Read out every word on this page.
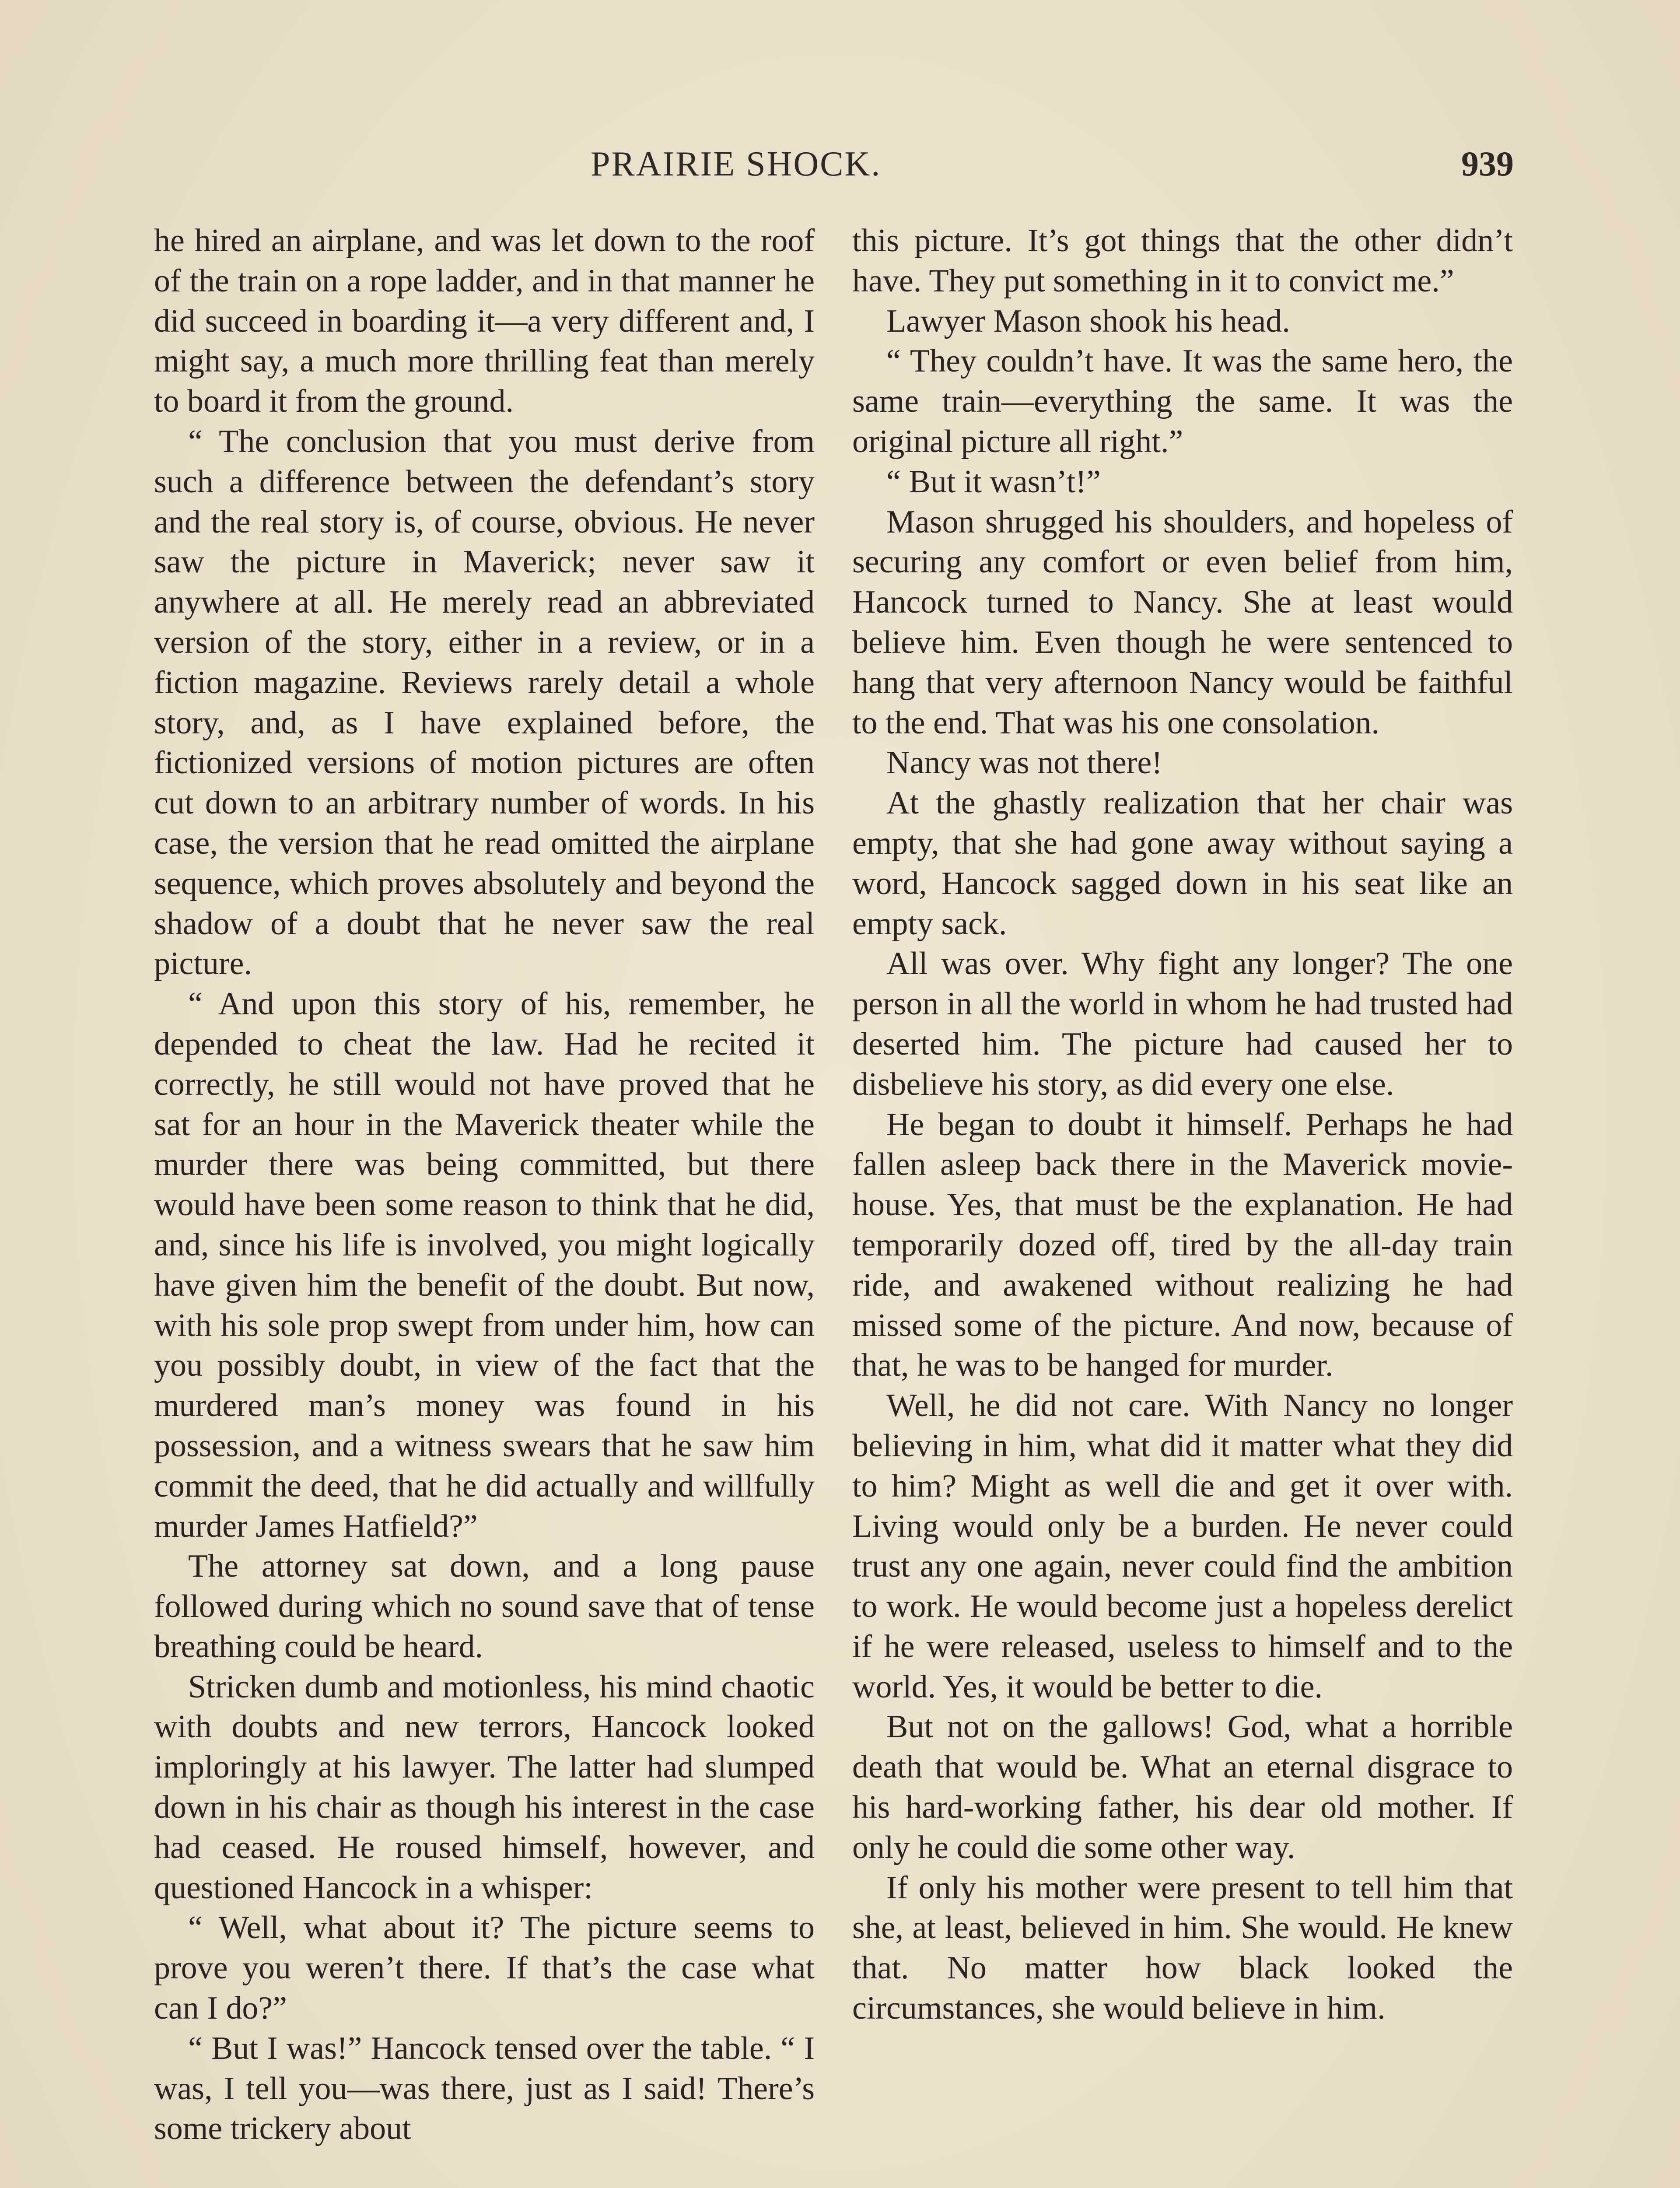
PRAIRIE SHOCK.	939

he hired an airplane, and was let down to the roof of the train on a rope ladder, and in that manner he did succeed in boarding it—a very different and, I might say, a much more thrilling feat than merely to board it from the ground.

“ The conclusion that you must derive from such a difference between the defendant’s story and the real story is, of course, obvious. He never saw the picture in Maverick; never saw it anywhere at all. He merely read an abbreviated version of the story, either in a review, or in a fiction magazine. Reviews rarely detail a whole story, and, as I have explained before, the fictionized versions of motion pictures are often cut down to an arbitrary number of words. In his case, the version that he read omitted the airplane sequence, which proves absolutely and beyond the shadow of a doubt that he never saw the real picture.

“ And upon this story of his, remember, he depended to cheat the law. Had he recited it correctly, he still would not have proved that he sat for an hour in the Maverick theater while the murder there was being committed, but there would have been some reason to think that he did, and, since his life is involved, you might logically have given him the benefit of the doubt. But now, with his sole prop swept from under him, how can you possibly doubt, in view of the fact that the murdered man’s money was found in his possession, and a witness swears that he saw him commit the deed, that he did actually and willfully murder James Hatfield?”

The attorney sat down, and a long pause followed during which no sound save that of tense breathing could be heard.

Stricken dumb and motionless, his mind chaotic with doubts and new terrors, Hancock looked imploringly at his lawyer. The latter had slumped down in his chair as though his interest in the case had ceased. He roused himself, however, and questioned Hancock in a whisper:

“ Well, what about it? The picture seems to prove you weren’t there. If that’s the case what can I do?”

“ But I was!” Hancock tensed over the table. “ I was, I tell you—was there, just as I said! There’s some trickery about

this picture. It’s got things that the other didn’t have. They put something in it to convict me.”

Lawyer Mason shook his head.

“ They couldn’t have. It was the same hero, the same train—everything the same. It was the original picture all right.”

“ But it wasn’t!”

Mason shrugged his shoulders, and hopeless of securing any comfort or even belief from him, Hancock turned to Nancy. She at least would believe him. Even though he were sentenced to hang that very afternoon Nancy would be faithful to the end. That was his one consolation.

Nancy was not there!

At the ghastly realization that her chair was empty, that she had gone away without saying a word, Hancock sagged down in his seat like an empty sack.

All was over. Why fight any longer? The one person in all the world in whom he had trusted had deserted him. The picture had caused her to disbelieve his story, as did every one else.

He began to doubt it himself. Perhaps he had fallen asleep back there in the Maverick movie-house. Yes, that must be the explanation. He had temporarily dozed off, tired by the all-day train ride, and awakened without realizing he had missed some of the picture. And now, because of that, he was to be hanged for murder.

Well, he did not care. With Nancy no longer believing in him, what did it matter what they did to him? Might as well die and get it over with. Living would only be a burden. He never could trust any one again, never could find the ambition to work. He would become just a hopeless derelict if he were released, useless to himself and to the world. Yes, it would be better to die.

But not on the gallows! God, what a horrible death that would be. What an eternal disgrace to his hard-working father, his dear old mother. If only he could die some other way.

If only his mother were present to tell him that she, at least, believed in him. She would. He knew that. No matter how black looked the circumstances, she would believe in him.
